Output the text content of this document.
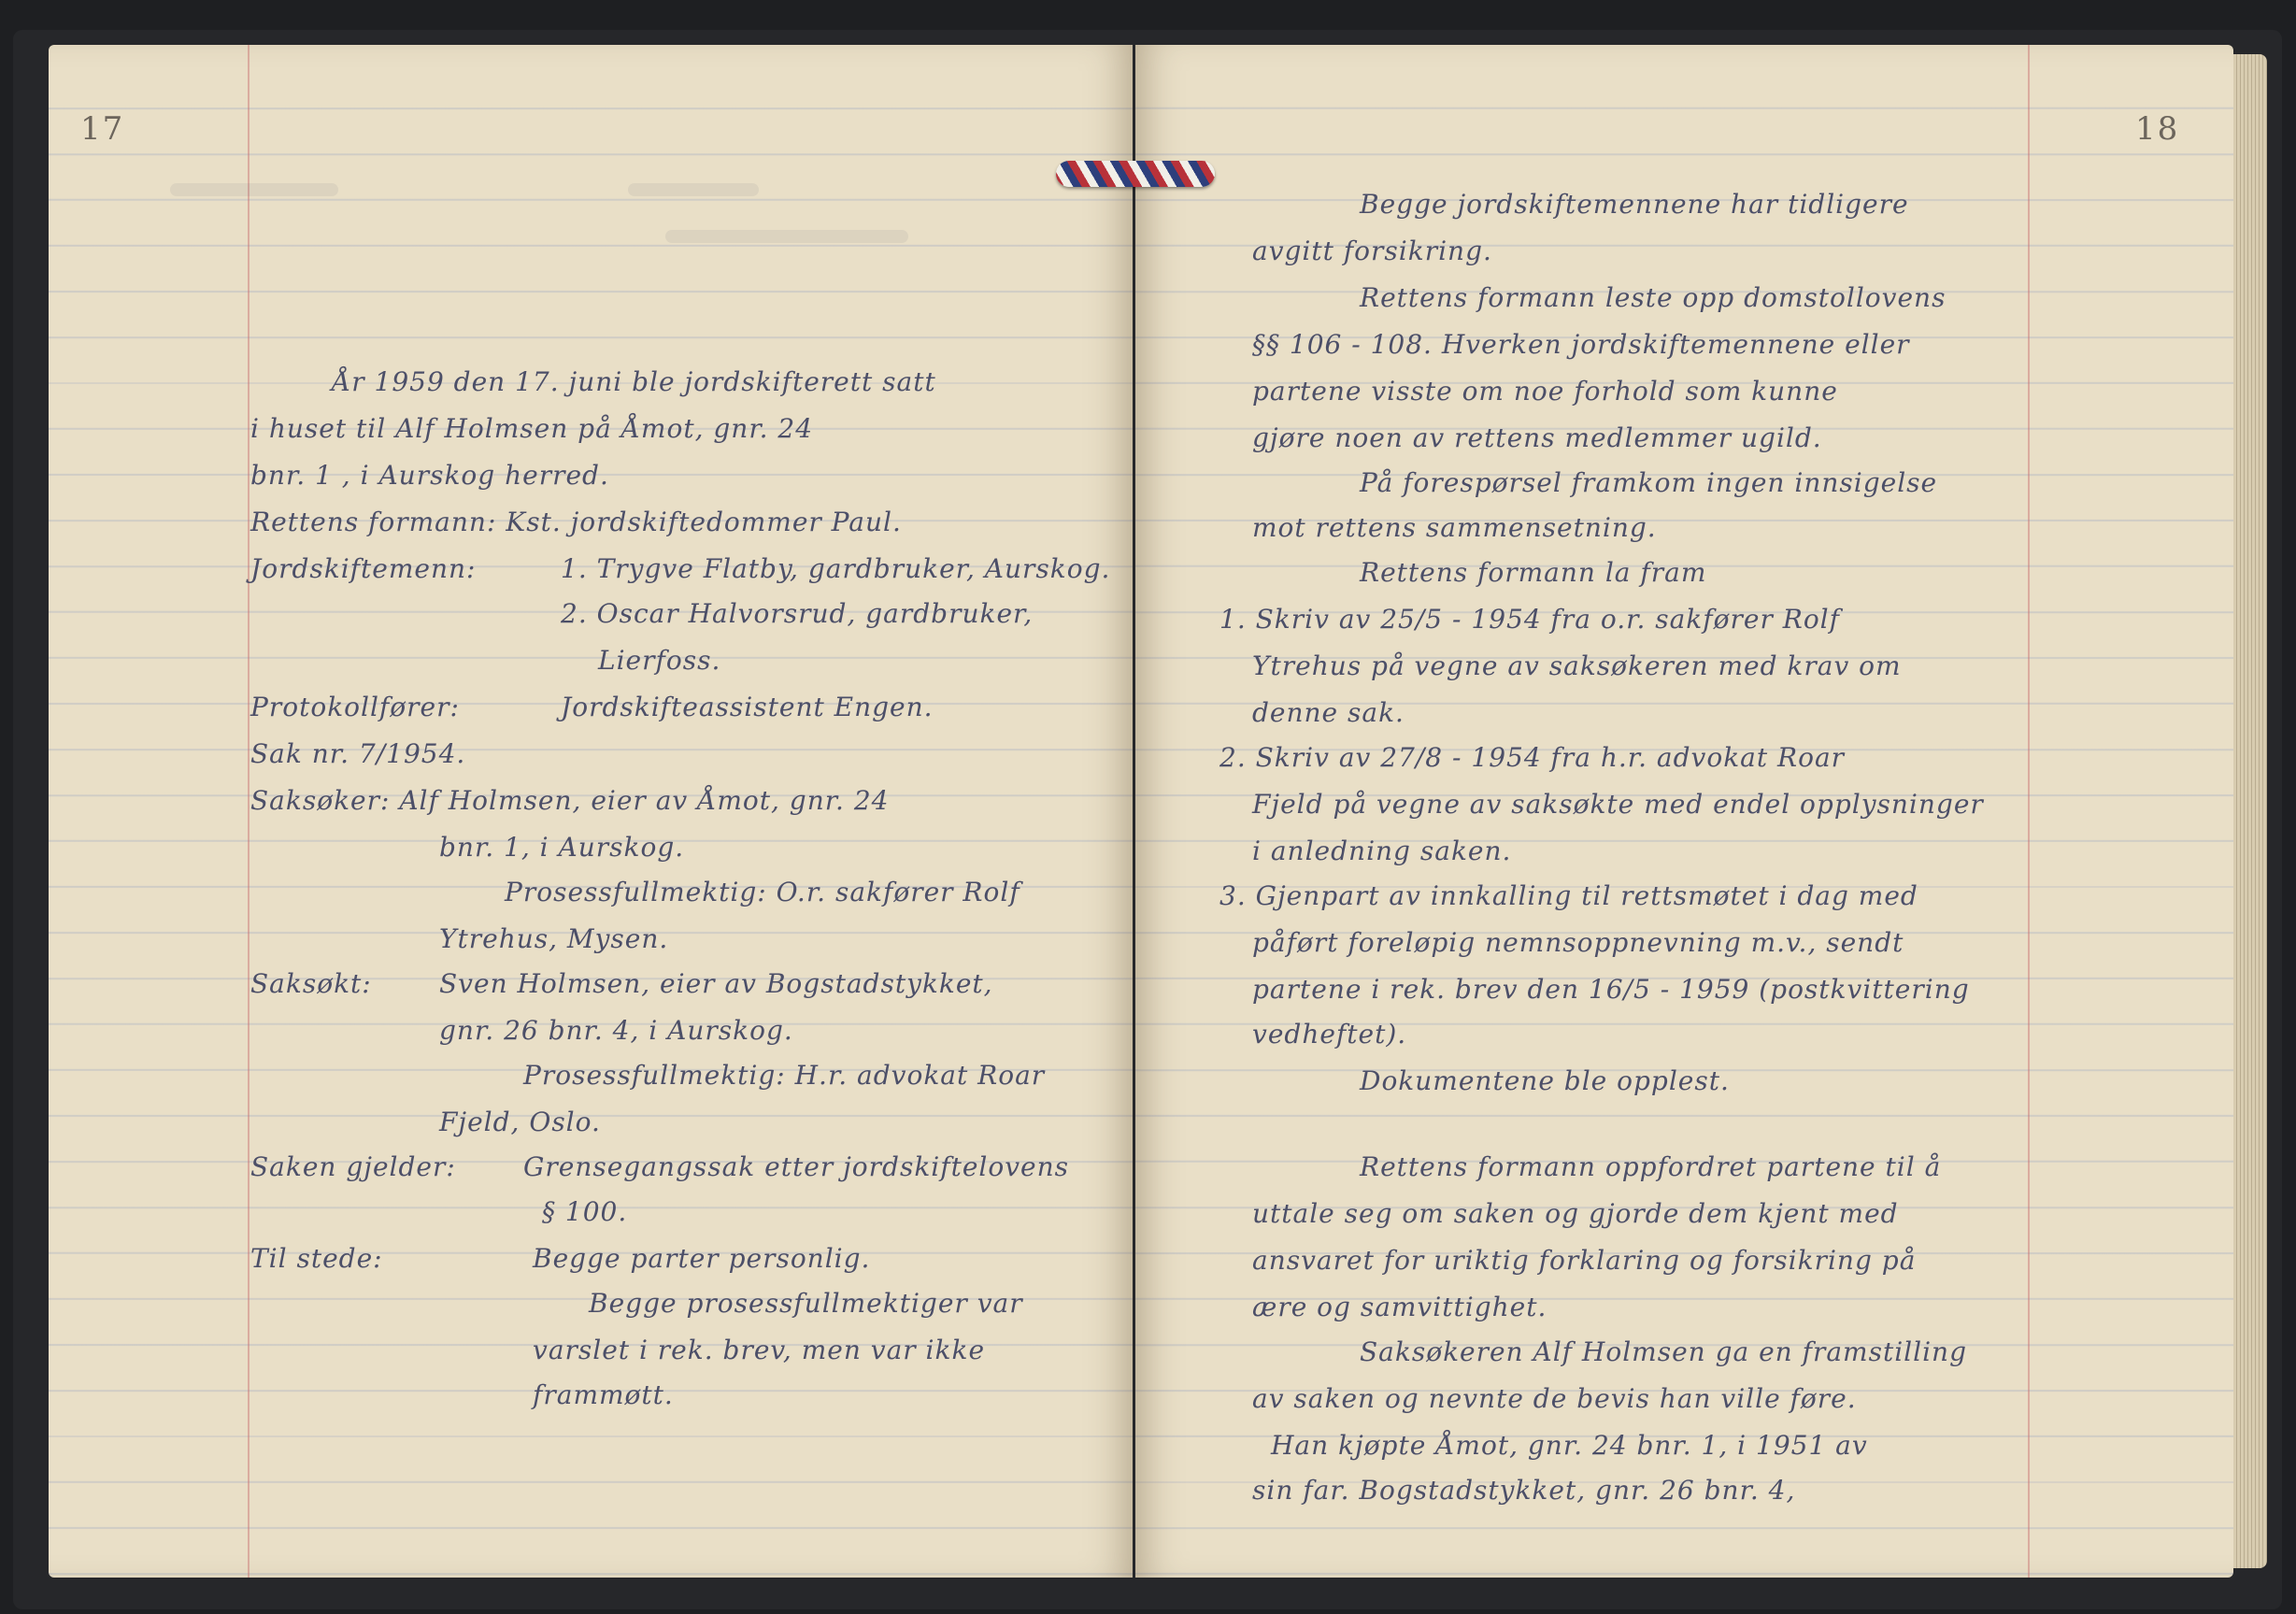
17	18
År 1959 den 17. juni ble jordskifterett satt
i huset til Alf Holmsen på Åmot, gnr. 24
bnr. 1 , i Aurskog herred.
Rettens formann: Kst. jordskiftedommer Paul.
Jordskiftemenn:	1. Trygve Flatby, gardbruker, Aurskog.
2. Oscar Halvorsrud, gardbruker,
Lierfoss.
Protokollfører:	Jordskifteassistent Engen.
Sak nr. 7/1954.
Saksøker: Alf Holmsen, eier av Åmot, gnr. 24
bnr. 1, i Aurskog.
Prosessfullmektig: O.r. sakfører Rolf
Ytrehus, Mysen.
Saksøkt:	Sven Holmsen, eier av Bogstadstykket,
gnr. 26 bnr. 4, i Aurskog.
Prosessfullmektig: H.r. advokat Roar
Fjeld, Oslo.
Saken gjelder:	Grensegangssak etter jordskiftelovens
§ 100.
Til stede:	Begge parter personlig.
Begge prosessfullmektiger var
varslet i rek. brev, men var ikke
frammøtt.
Begge jordskiftemennene har tidligere
avgitt forsikring.
Rettens formann leste opp domstollovens
§§ 106 - 108. Hverken jordskiftemennene eller
partene visste om noe forhold som kunne
gjøre noen av rettens medlemmer ugild.
På forespørsel framkom ingen innsigelse
mot rettens sammensetning.
Rettens formann la fram
1. Skriv av 25/5 - 1954 fra o.r. sakfører Rolf
Ytrehus på vegne av saksøkeren med krav om
denne sak.
2. Skriv av 27/8 - 1954 fra h.r. advokat Roar
Fjeld på vegne av saksøkte med endel opplysninger
i anledning saken.
3. Gjenpart av innkalling til rettsmøtet i dag med
påført foreløpig nemnsoppnevning m.v., sendt
partene i rek. brev den 16/5 - 1959 (postkvittering
vedheftet).
Dokumentene ble opplest.
Rettens formann oppfordret partene til å
uttale seg om saken og gjorde dem kjent med
ansvaret for uriktig forklaring og forsikring på
ære og samvittighet.
Saksøkeren Alf Holmsen ga en framstilling
av saken og nevnte de bevis han ville føre.
Han kjøpte Åmot, gnr. 24 bnr. 1, i 1951 av
sin far. Bogstadstykket, gnr. 26 bnr. 4,
